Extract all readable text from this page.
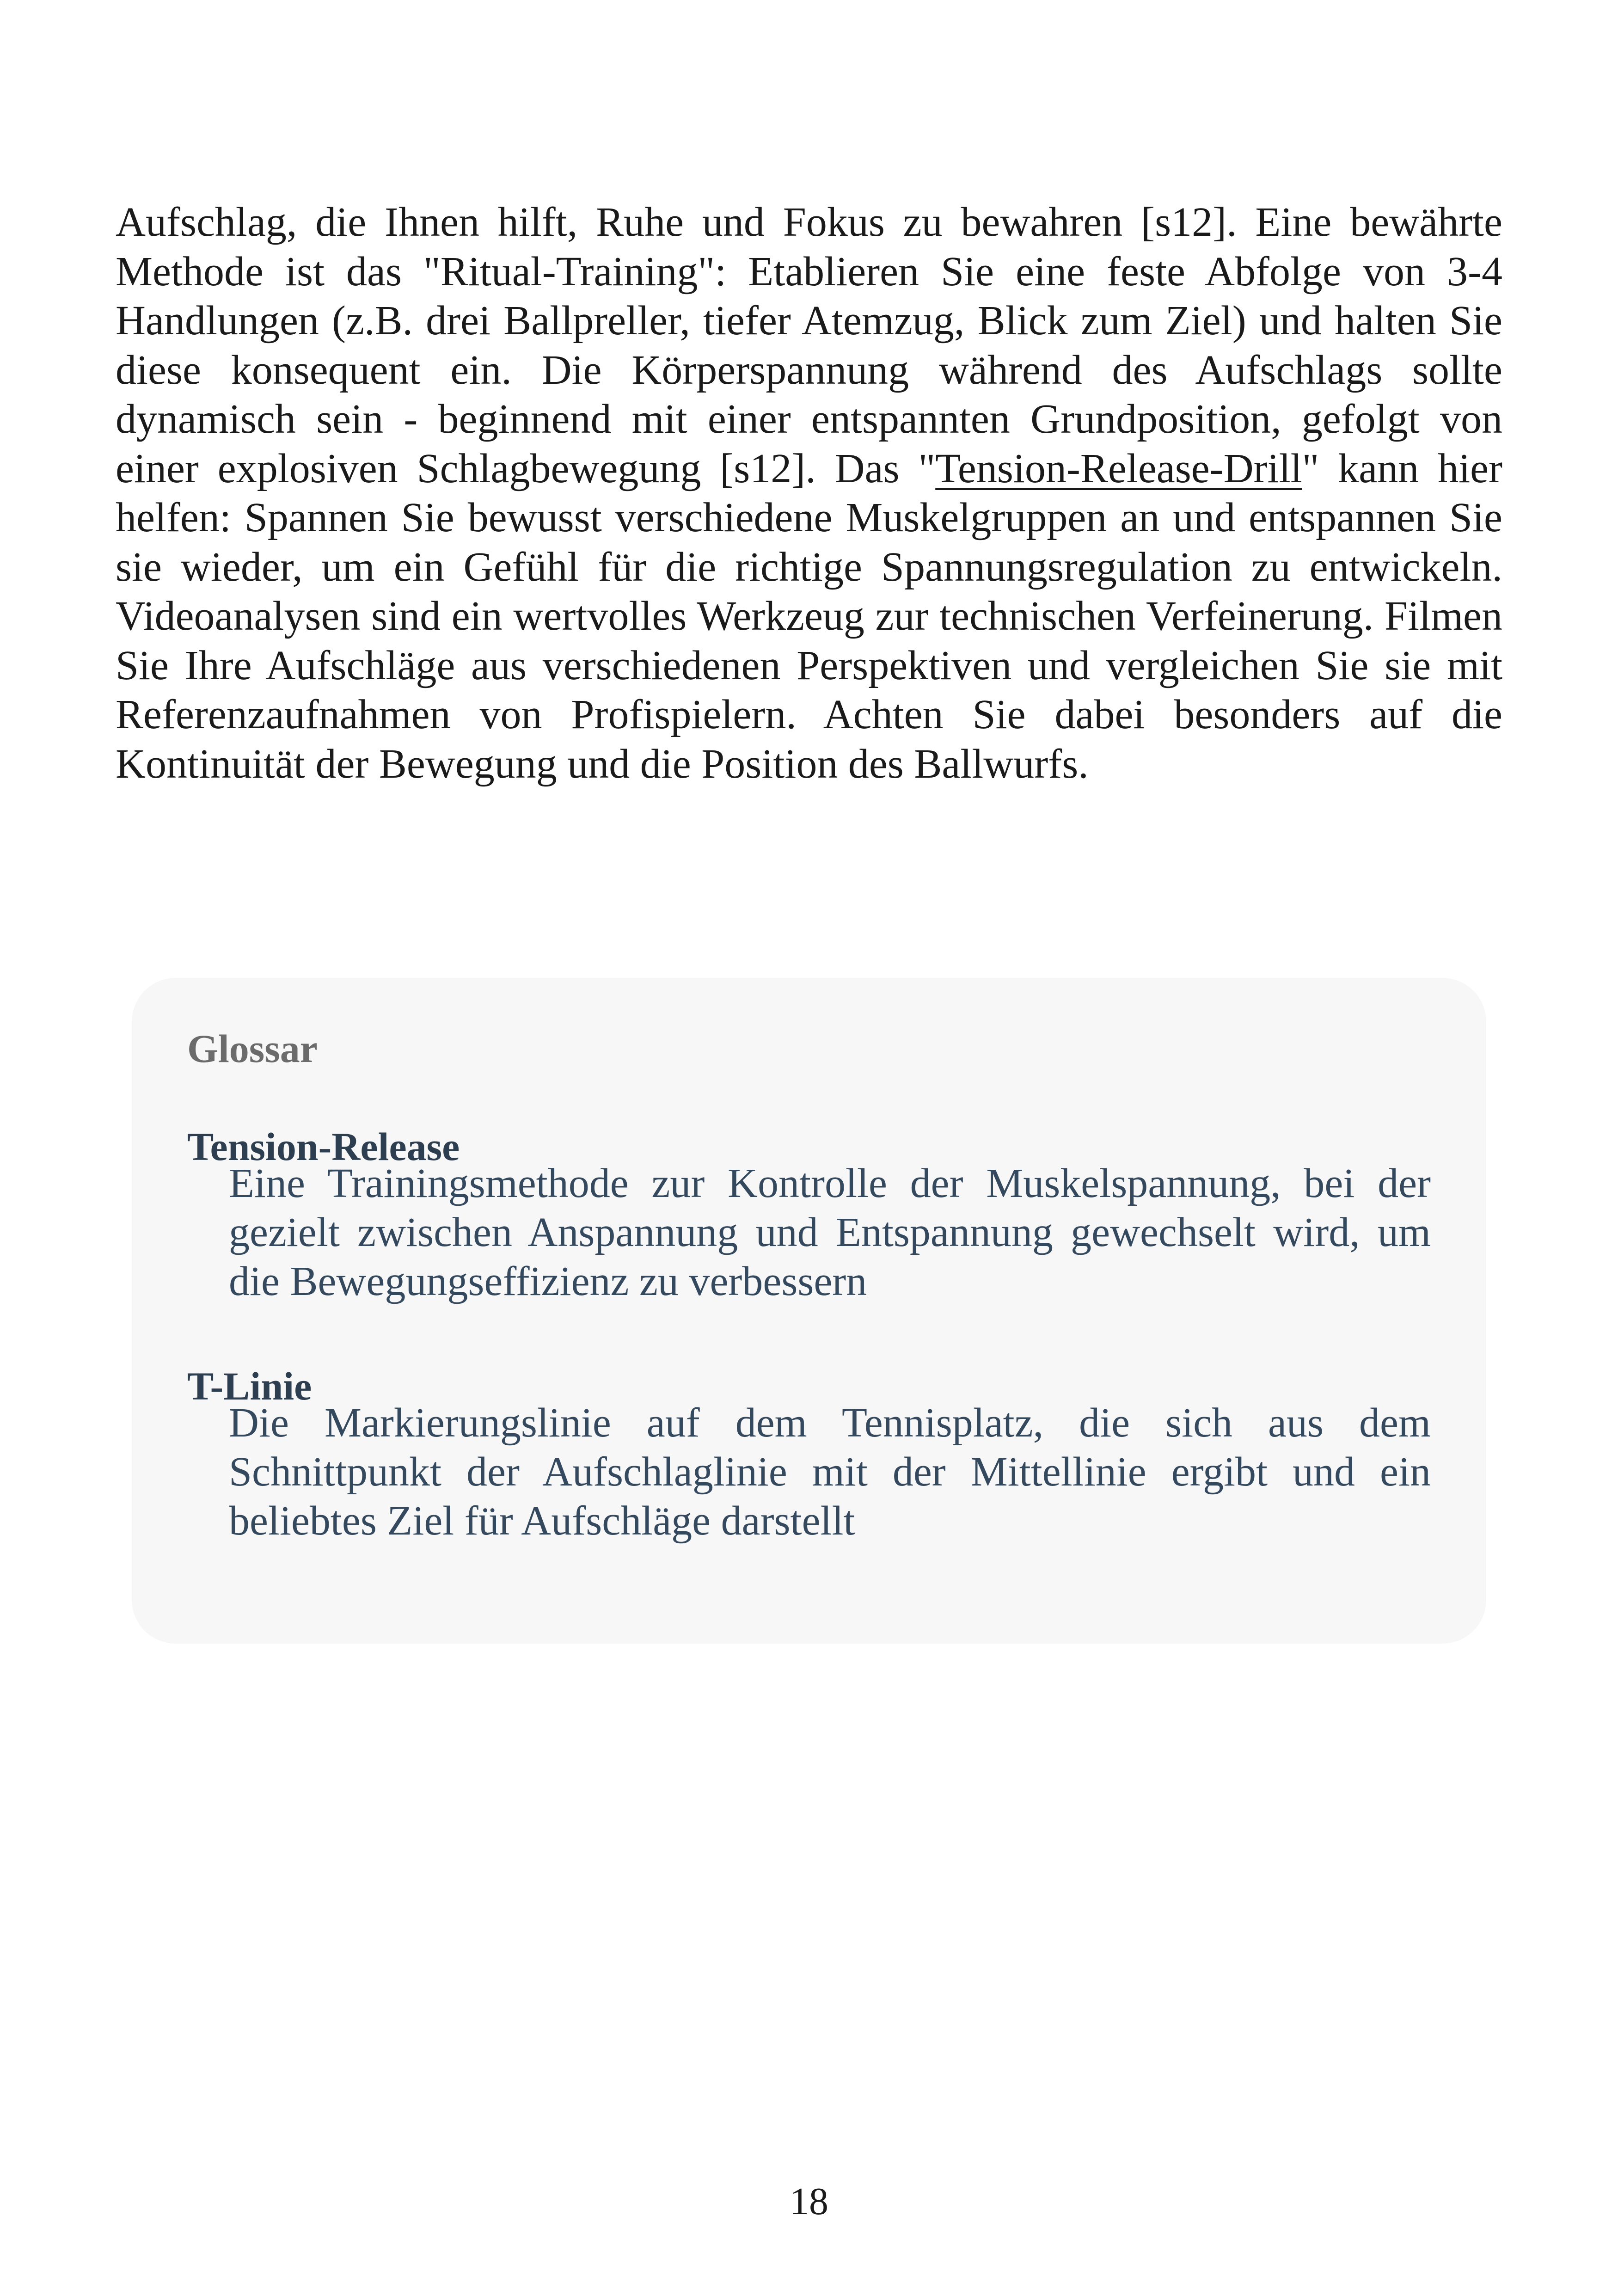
Aufschlag, die Ihnen hilft, Ruhe und Fokus zu bewahren [s12]. Eine bewährte Methode ist das "Ritual-Training": Etablieren Sie eine feste Abfolge von 3-4 Handlungen (z.B. drei Ballpreller, tiefer Atemzug, Blick zum Ziel) und halten Sie diese konsequent ein. Die Körperspannung während des Aufschlags sollte dynamisch sein - beginnend mit einer entspannten Grundposition, gefolgt von einer explosiven Schlagbewegung [s12]. Das "Tension-Release-Drill" kann hier helfen: Spannen Sie bewusst verschiedene Muskelgruppen an und entspannen Sie sie wieder, um ein Gefühl für die richtige Spannungsregulation zu entwickeln. Videoanalysen sind ein wertvolles Werkzeug zur technischen Verfeinerung. Filmen Sie Ihre Aufschläge aus verschiedenen Perspektiven und vergleichen Sie sie mit Referenzaufnahmen von Profispielern. Achten Sie dabei besonders auf die Kontinuität der Bewegung und die Position des Ballwurfs.

Glossar
Tension-Release

Eine Trainingsmethode zur Kontrolle der Muskelspannung, bei der gezielt zwischen Anspannung und Entspannung gewechselt wird, um die Bewegungseffizienz zu verbessern

T-Linie

Die Markierungslinie auf dem Tennisplatz, die sich aus dem Schnittpunkt der Aufschlaglinie mit der Mittellinie ergibt und ein beliebtes Ziel für Aufschläge darstellt

18
